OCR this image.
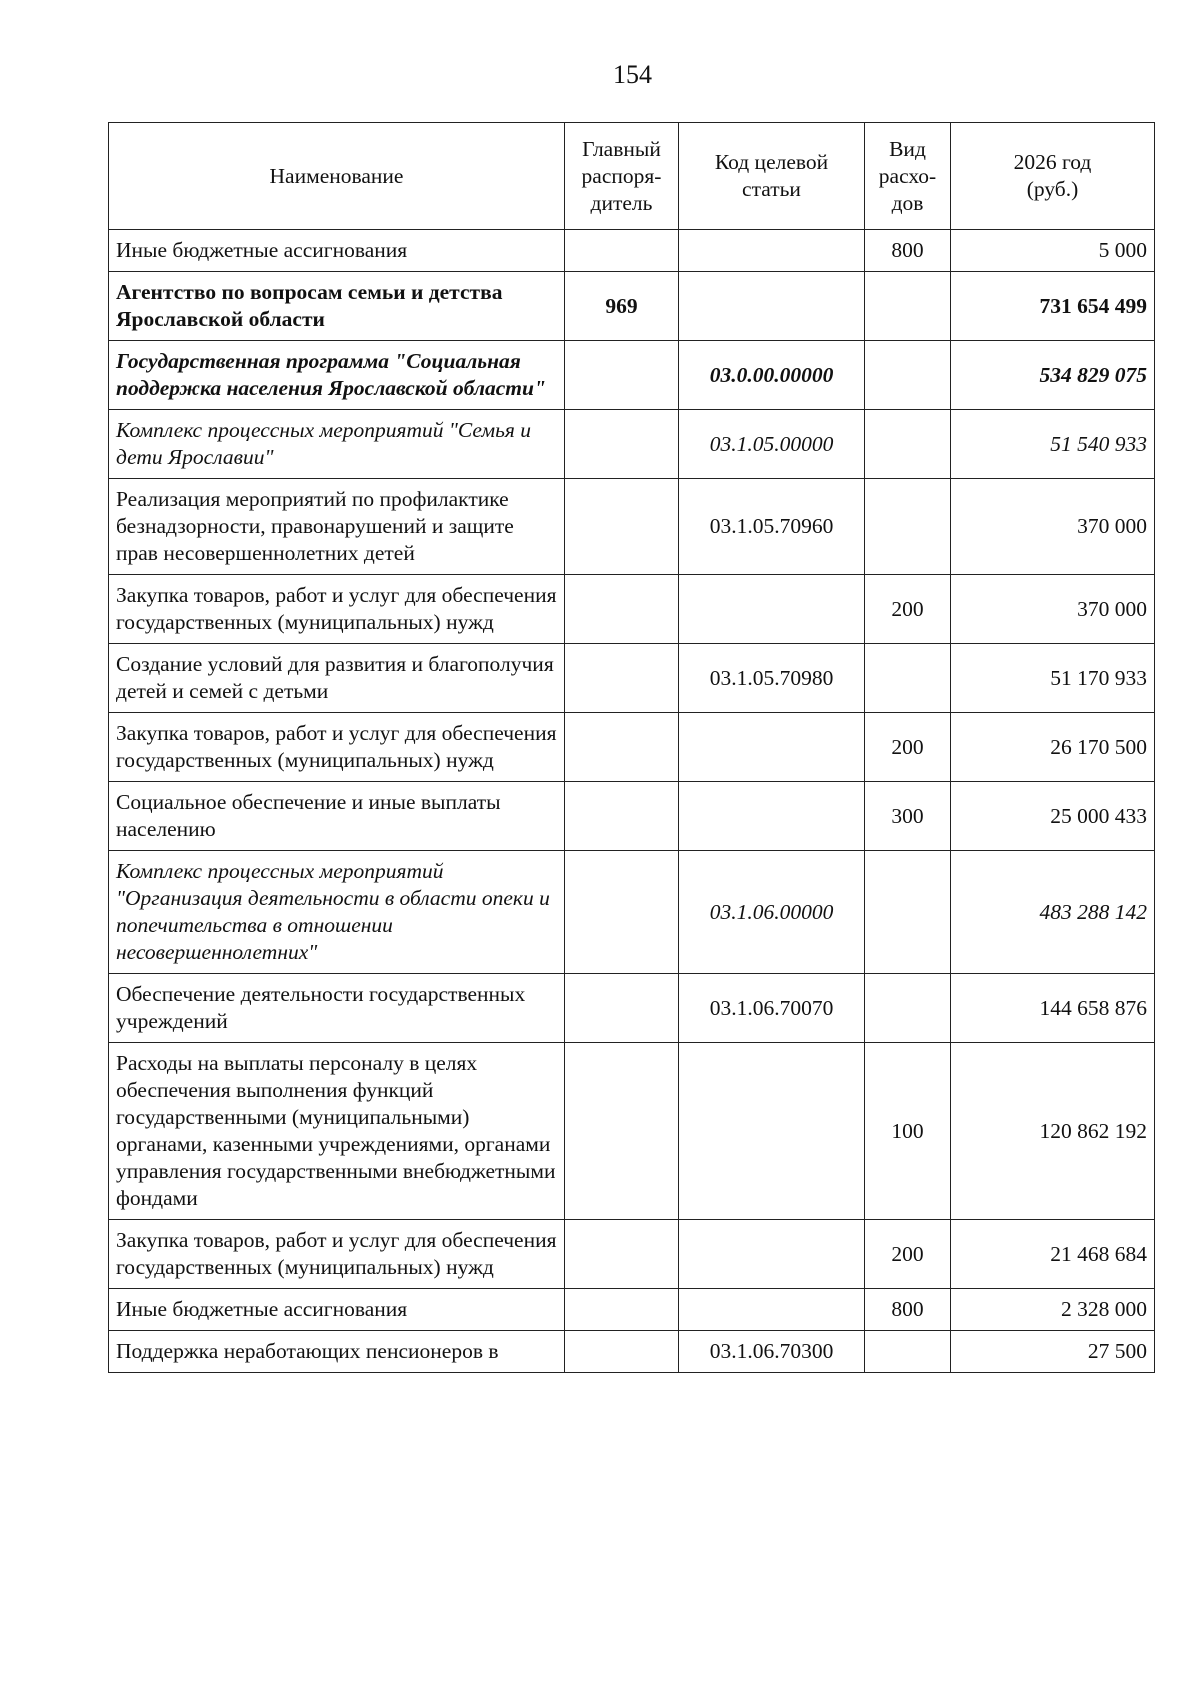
154
Наименование	Главный распоря-дитель	Код целевой статьи	Вид расхо-дов	2026 год (руб.)
Иные бюджетные ассигнования			800	5 000
Агентство по вопросам семьи и детства Ярославской области	969			731 654 499
Государственная программа "Социальная поддержка населения Ярославской области"		03.0.00.00000		534 829 075
Комплекс процессных мероприятий "Семья и дети Ярославии"		03.1.05.00000		51 540 933
Реализация мероприятий по профилактике безнадзорности, правонарушений и защите прав несовершеннолетних детей		03.1.05.70960		370 000
Закупка товаров, работ и услуг для обеспечения государственных (муниципальных) нужд			200	370 000
Создание условий для развития и благополучия детей и семей с детьми		03.1.05.70980		51 170 933
Закупка товаров, работ и услуг для обеспечения государственных (муниципальных) нужд			200	26 170 500
Социальное обеспечение и иные выплаты населению			300	25 000 433
Комплекс процессных мероприятий "Организация деятельности в области опеки и попечительства в отношении несовершеннолетних"		03.1.06.00000		483 288 142
Обеспечение деятельности государственных учреждений		03.1.06.70070		144 658 876
Расходы на выплаты персоналу в целях обеспечения выполнения функций государственными (муниципальными) органами, казенными учреждениями, органами управления государственными внебюджетными фондами			100	120 862 192
Закупка товаров, работ и услуг для обеспечения государственных (муниципальных) нужд			200	21 468 684
Иные бюджетные ассигнования			800	2 328 000
Поддержка неработающих пенсионеров в		03.1.06.70300		27 500
